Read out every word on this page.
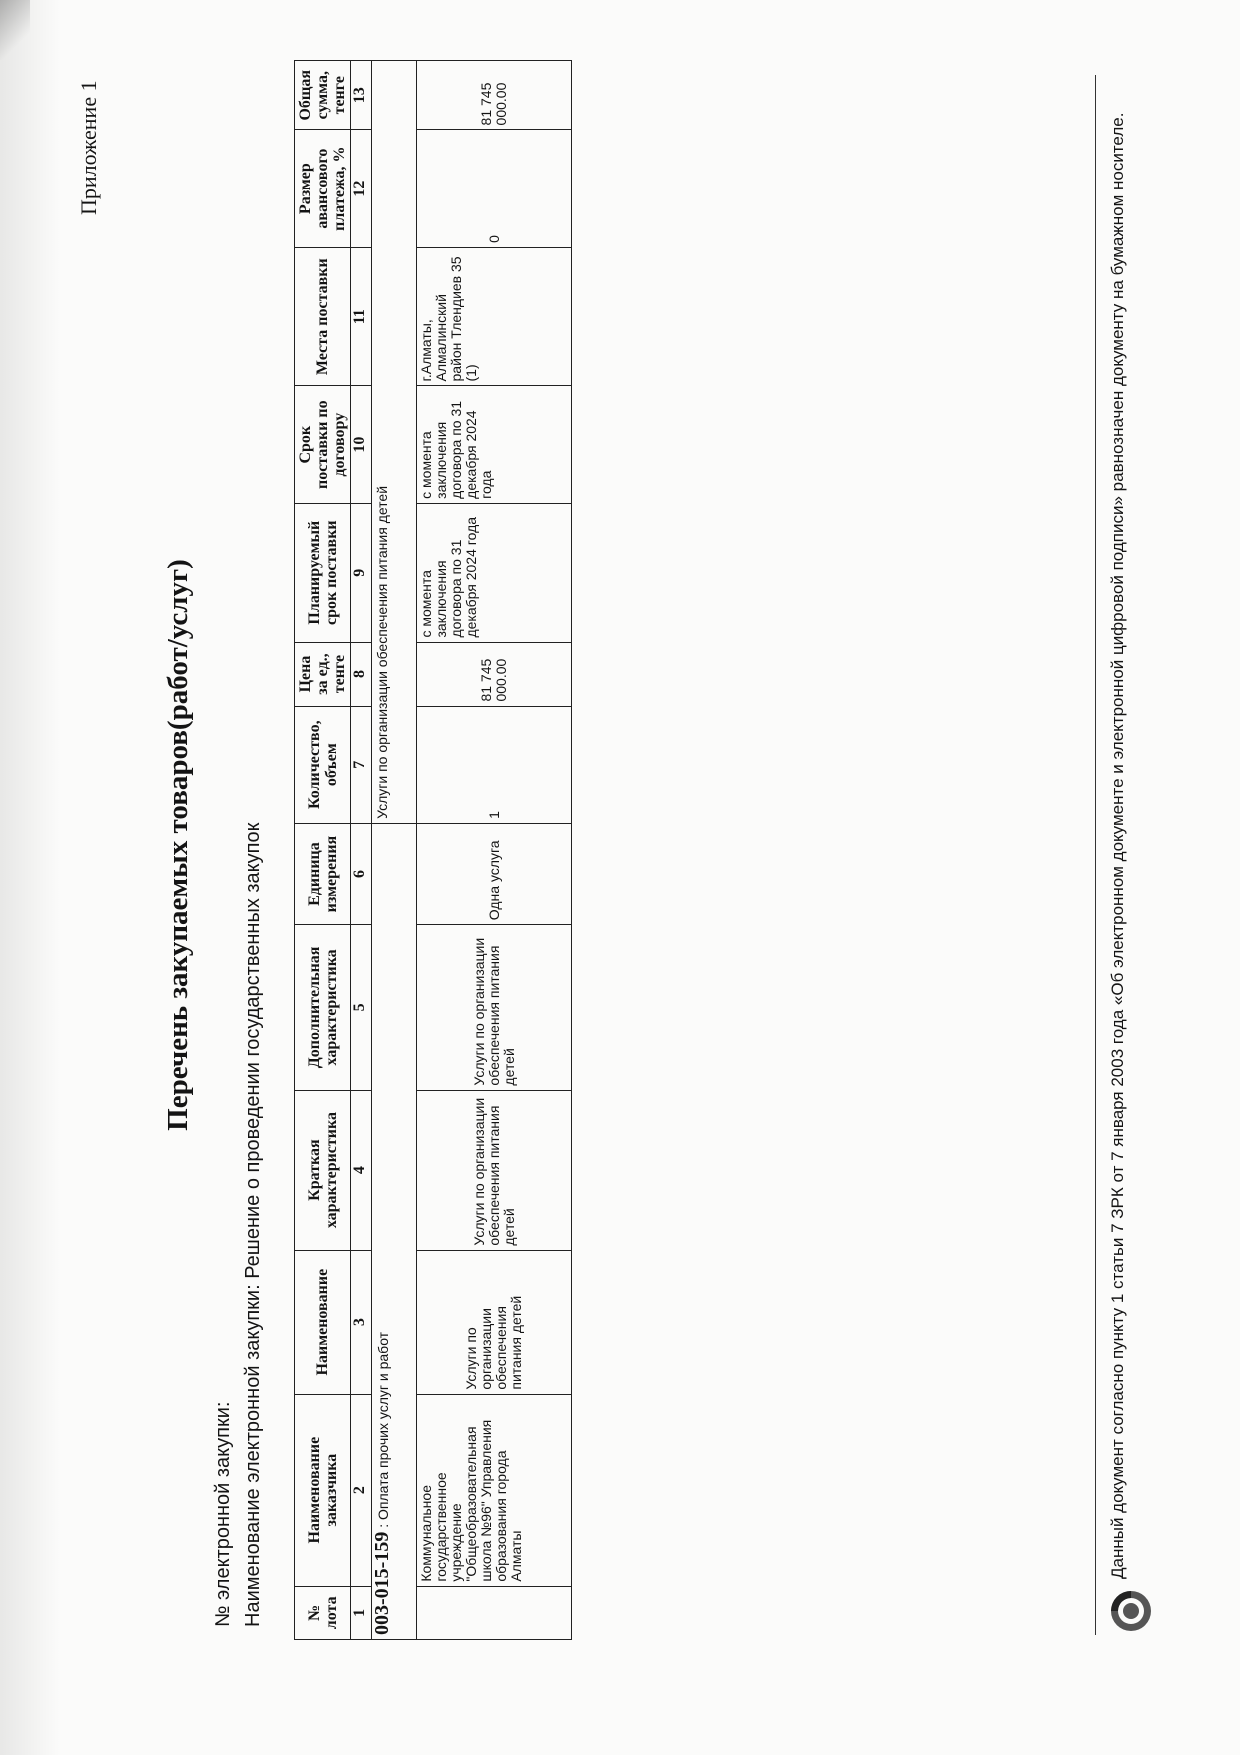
Приложение 1
Перечень закупаемых товаров(работ/услуг)
№ электронной закупки: Наименование электронной закупки: Решение о проведении государственных закупок	№ лота	Наименование заказчика	Наименование	Краткая характеристика	Дополнительная характеристика	Единица измерения	Количество, объем	Цена за ед., тенге	Планируемый срок поставки	Срок поставки по договору	Места поставки	Размер авансового платежа, %	Общая сумма, тенге
1	2	3	4	5	6	7	8	9	10	11	12	13
003-015-159 : Оплата прочих услуг и работ						Услуги по организации обеспечения питания детей						
	Коммунальное государственное учреждение "Общеобразовательная школа №96" Управления образования города Алматы	Услуги по организации обеспечения питания детей	Услуги по организации обеспечения питания детей	Услуги по организации обеспечения питания детей	Одна услуга	1	81 745 000.00	с момента заключения договора по 31 декабря 2024 года	с момента заключения договора по 31 декабря 2024 года	г.Алматы, Алмалинский район Тлендиев 35 (1)	0	81 745 000.00
Данный документ согласно пункту 1 статьи 7 ЗРК от 7 января 2003 года «Об электронном документе и электронной цифровой подписи» равнозначен документу на бумажном носителе.
